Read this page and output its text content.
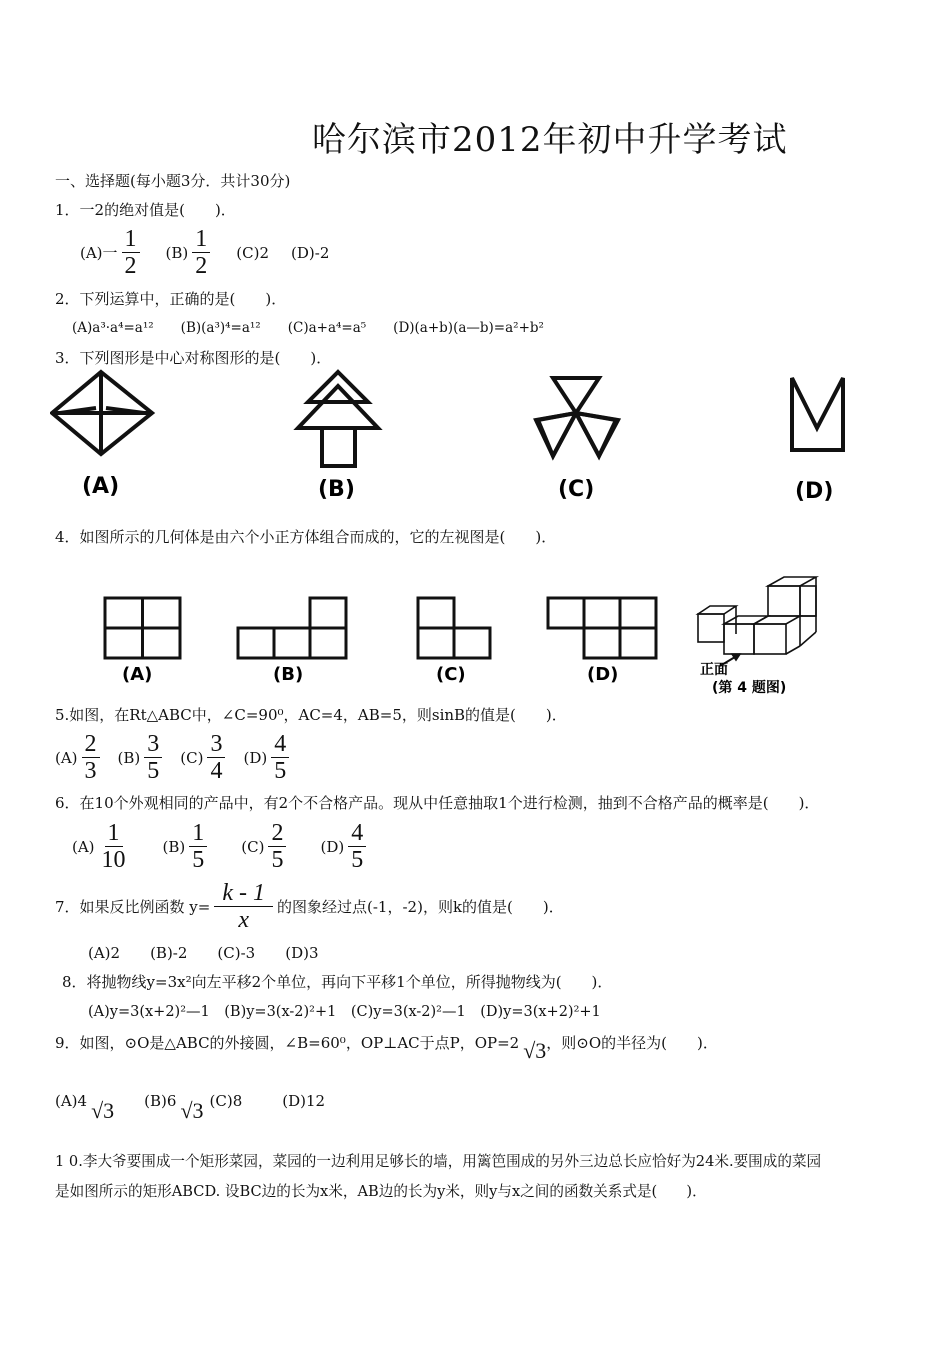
哈尔滨市2012年初中升学考试
一、选择题(每小题3分．共计30分)
1．一2的绝对值是(　　)．
(A)一 $\frac{1}{2} (B) \frac{1}{2} (C)2$ (D)-2
2．下列运算中，正确的是(　　)．
(A)a³·a⁴=a¹²　　(B)(a³)⁴=a¹²　　(C)a+a⁴=a⁵　　(D)(a+b)(a—b)=a²+b²
3．下列图形是中心对称图形的是(　　)．
(A)	(B)	(C)	(D)
4．如图所示的几何体是由六个小正方体组合而成的，它的左视图是(　　)．
(A)	(B)	(C)	(D)	正面
(第 4 题图)
5.如图，在Rt△ABC中，∠C=90⁰，AC=4，AB=5，则sinB的值是(　　)．
$(A) \frac{2}{3} (B) \frac{3}{5} (C) \frac{3}{4} (D) \frac{4}{5}$
6．在10个外观相同的产品中，有2个不合格产品。现从中任意抽取1个进行检测，抽到不合格产品的概率是(　　)．
$(A) \frac{1}{10} (B) \frac{1}{5} (C) \frac{2}{5} (D) \frac{4}{5}$
7．如果反比例函数 $y= \frac{k - 1}{x}$ 的图象经过点(-1，-2)，则k的值是(　　)．
(A)2　　(B)-2　　(C)-3　　(D)3
8．将抛物线y=3x²向左平移2个单位，再向下平移1个单位，所得抛物线为(　　)．
(A)y=3(x+2)²—1　(B)y=3(x-2)²+1　(C)y=3(x-2)²—1　(D)y=3(x+2)²+1
9．如图，⊙O是△ABC的外接圆，∠B=60⁰，OP⊥AC于点P，OP=2 √3 ，则⊙O的半径为(　　)．
(A)4 √3 (B)6 √3 (C)8	(D)12
1 0.李大爷要围成一个矩形菜园，菜园的一边利用足够长的墙，用篱笆围成的另外三边总长应恰好为24米.要围成的菜园
是如图所示的矩形ABCD. 设BC边的长为x米，AB边的长为y米，则y与x之间的函数关系式是(　　)．
